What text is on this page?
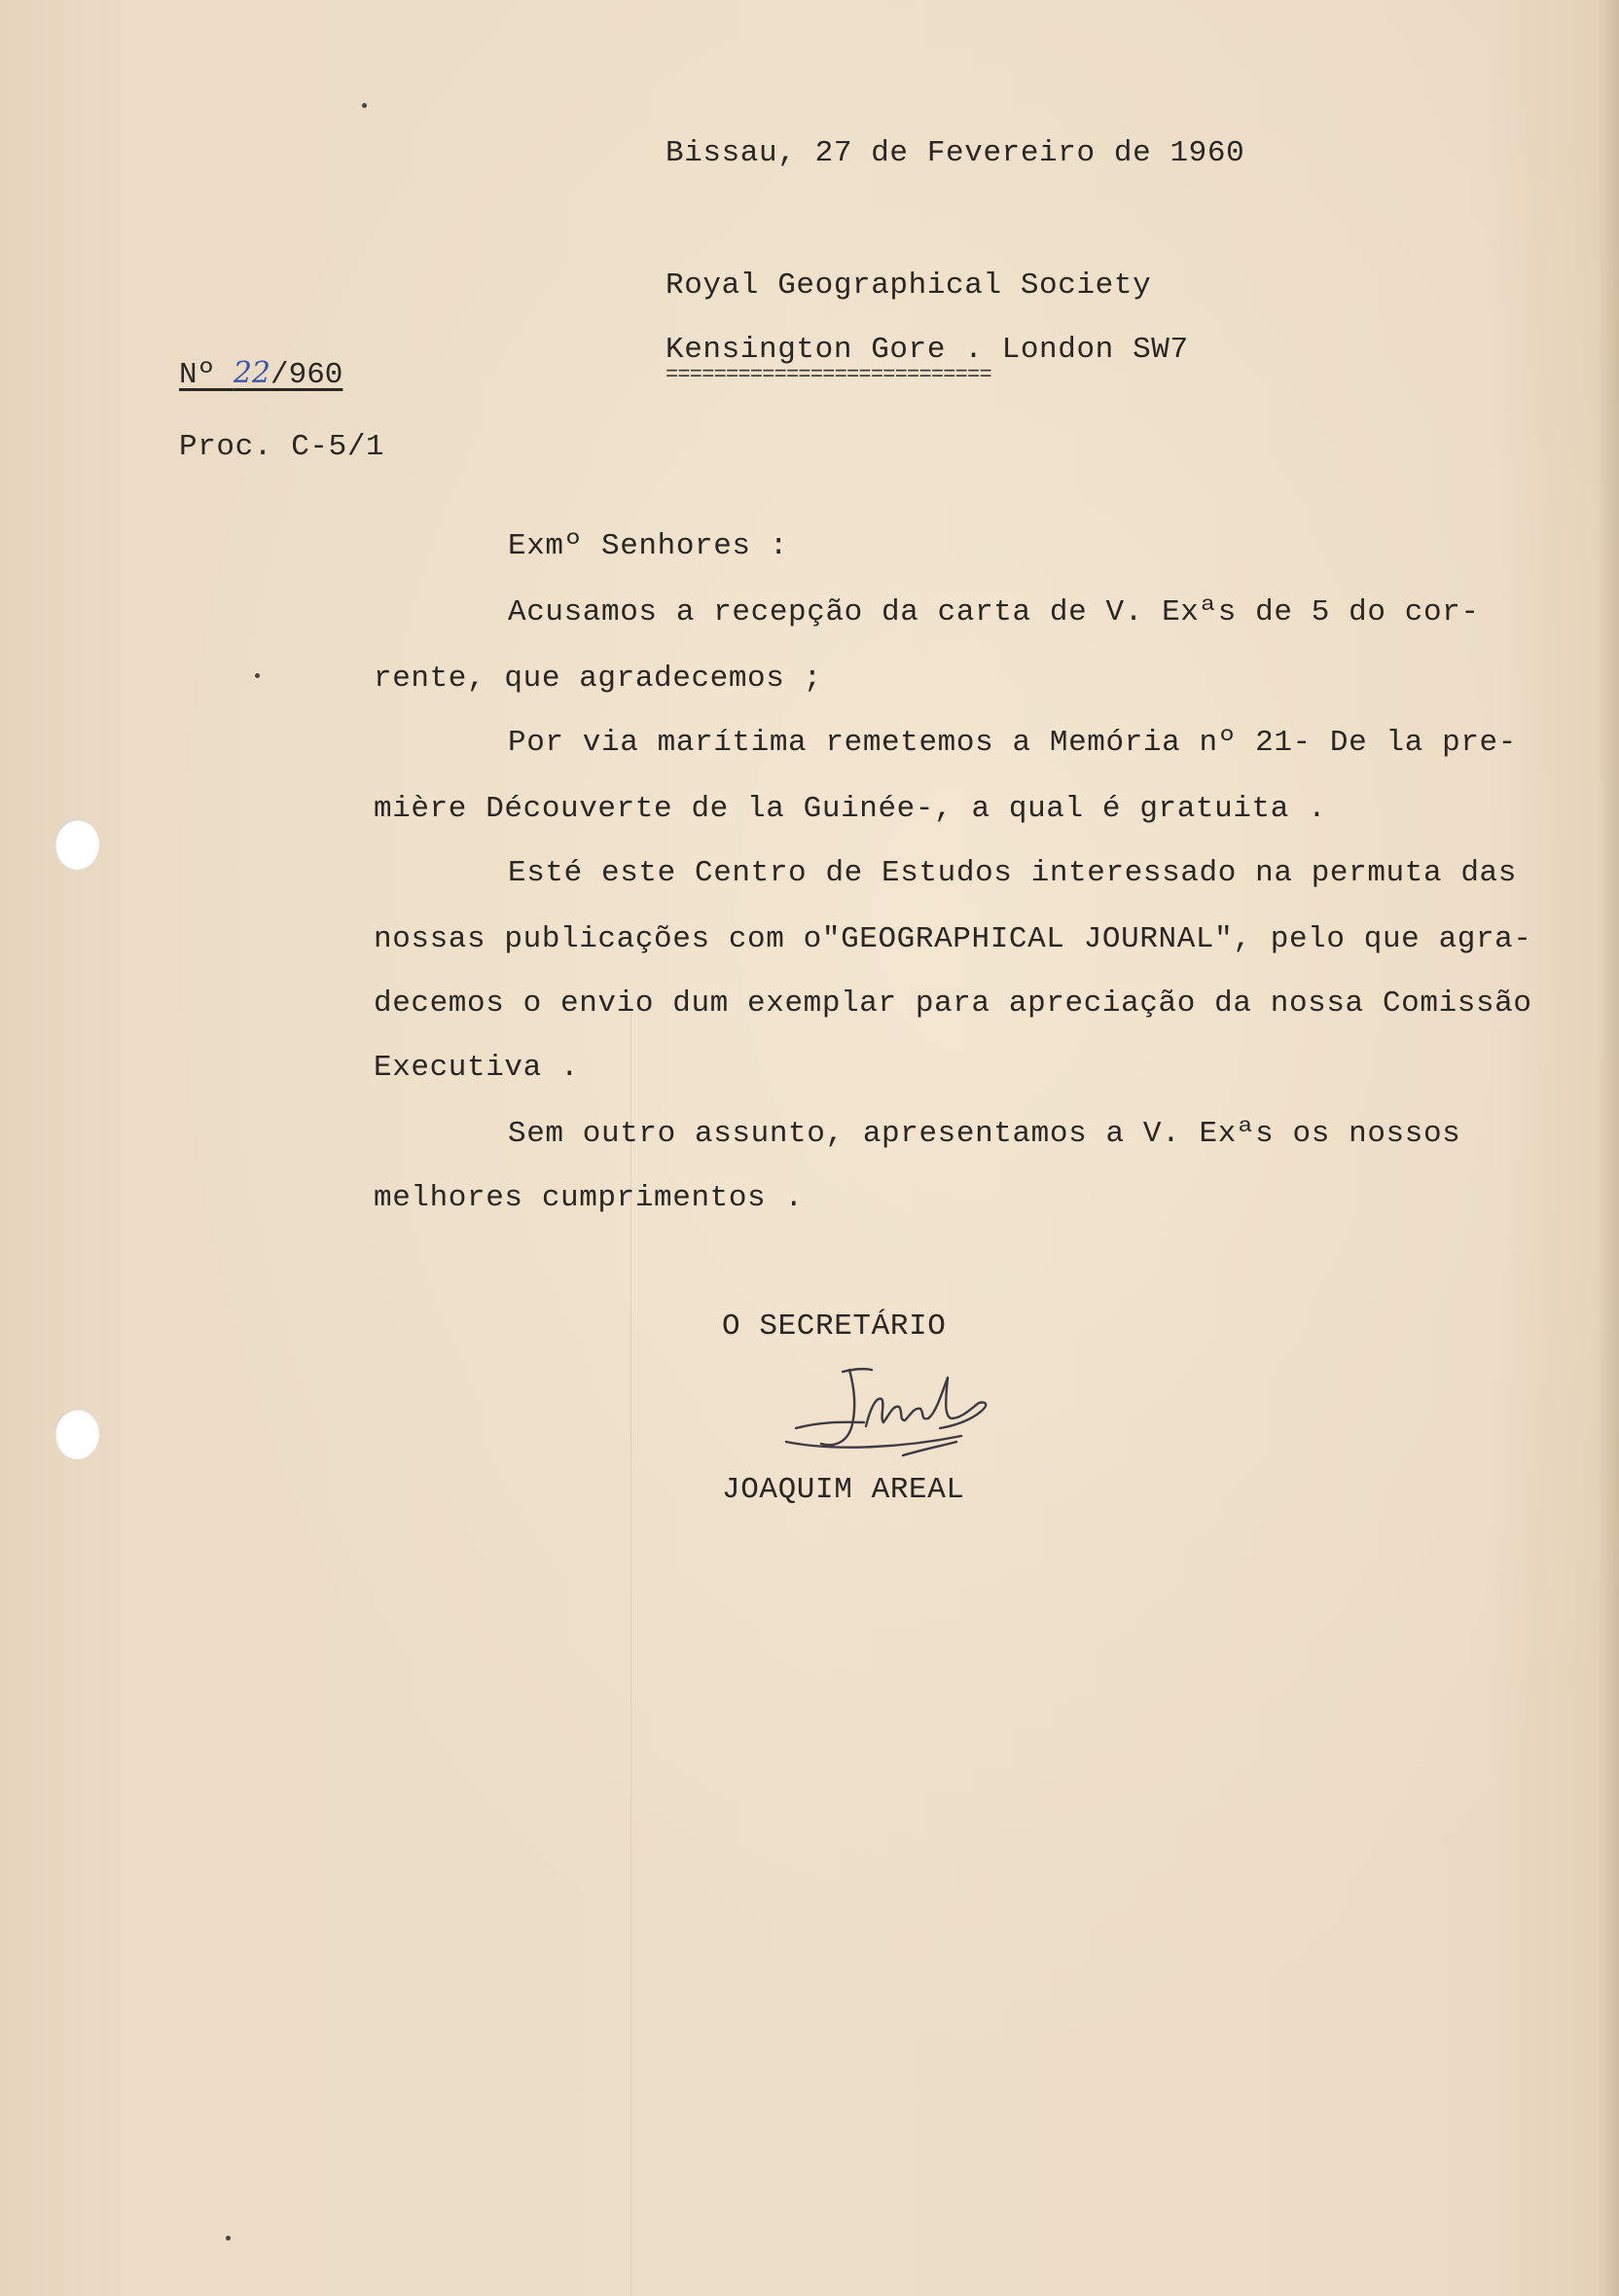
Bissau, 27 de Fevereiro de 1960
Royal Geographical Society
Kensington Gore . London SW7
===========================
Nº 22/960
Proc. C-5/1
Exmº Senhores :
Acusamos a recepção da carta de V. Exªs de 5 do cor-
rente, que agradecemos ;
Por via marítima remetemos a Memória nº 21- De la pre-
mière Découverte de la Guinée-, a qual é gratuita .
Esté este Centro de Estudos interessado na permuta das
nossas publicações com o"GEOGRAPHICAL JOURNAL", pelo que agra-
decemos o envio dum exemplar para apreciação da nossa Comissão
Executiva .
Sem outro assunto, apresentamos a V. Exªs os nossos
melhores cumprimentos .
O SECRETÁRIO
JOAQUIM AREAL
